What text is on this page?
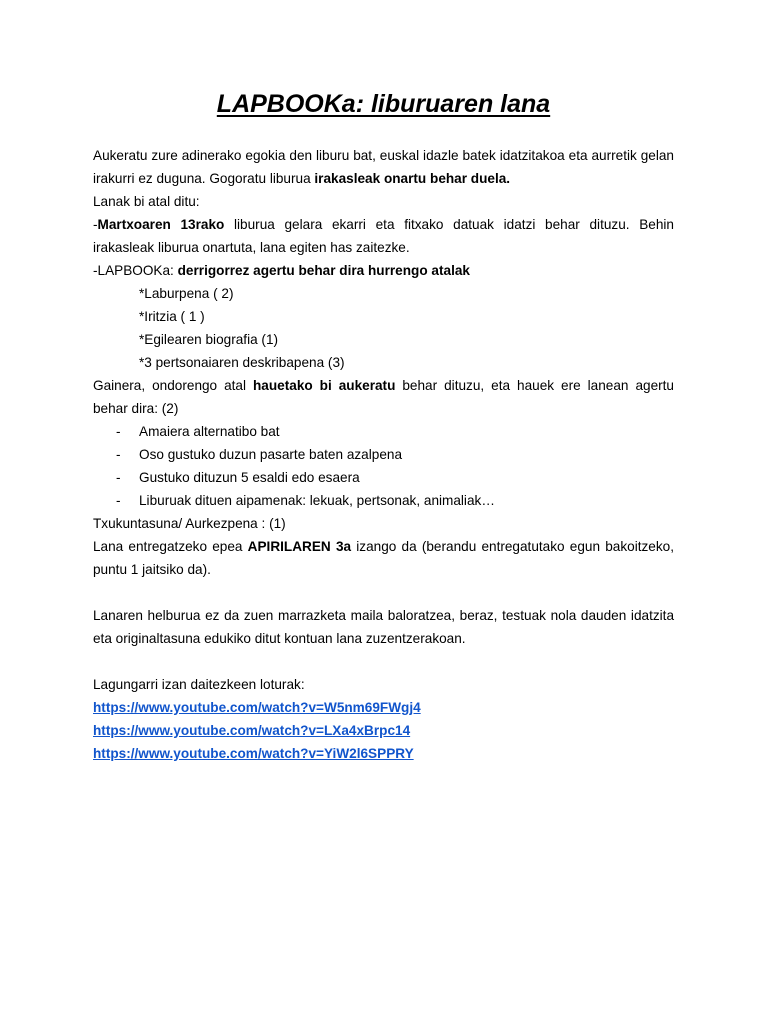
LAPBOOKa: liburuaren lana

Aukeratu zure adinerako egokia den liburu bat, euskal idazle batek idatzitakoa eta aurretik gelan irakurri ez duguna. Gogoratu liburua irakasleak onartu behar duela.

Lanak bi atal ditu:

-Martxoaren 13rako liburua gelara ekarri eta fitxako datuak idatzi behar dituzu. Behin irakasleak liburua onartuta, lana egiten has zaitezke.

-LAPBOOKa: derrigorrez agertu behar dira hurrengo atalak

*Laburpena ( 2)

*Iritzia ( 1 )

*Egilearen biografia (1)

*3 pertsonaiaren deskribapena (3)

Gainera, ondorengo atal hauetako bi aukeratu behar dituzu, eta hauek ere lanean agertu behar dira: (2)

- Amaiera alternatibo bat
- Oso gustuko duzun pasarte baten azalpena
- Gustuko dituzun 5 esaldi edo esaera
- Liburuak dituen aipamenak: lekuak, pertsonak, animaliak…

Txukuntasuna/ Aurkezpena : (1)

Lana entregatzeko epea APIRILAREN 3a izango da (berandu entregatutako egun bakoitzeko, puntu 1 jaitsiko da).

Lanaren helburua ez da zuen marrazketa maila baloratzea, beraz, testuak nola dauden idatzita eta originaltasuna edukiko ditut kontuan lana zuzentzerakoan.

Lagungarri izan daitezkeen loturak:

https://www.youtube.com/watch?v=W5nm69FWgj4

https://www.youtube.com/watch?v=LXa4xBrpc14

https://www.youtube.com/watch?v=YiW2l6SPPRY
